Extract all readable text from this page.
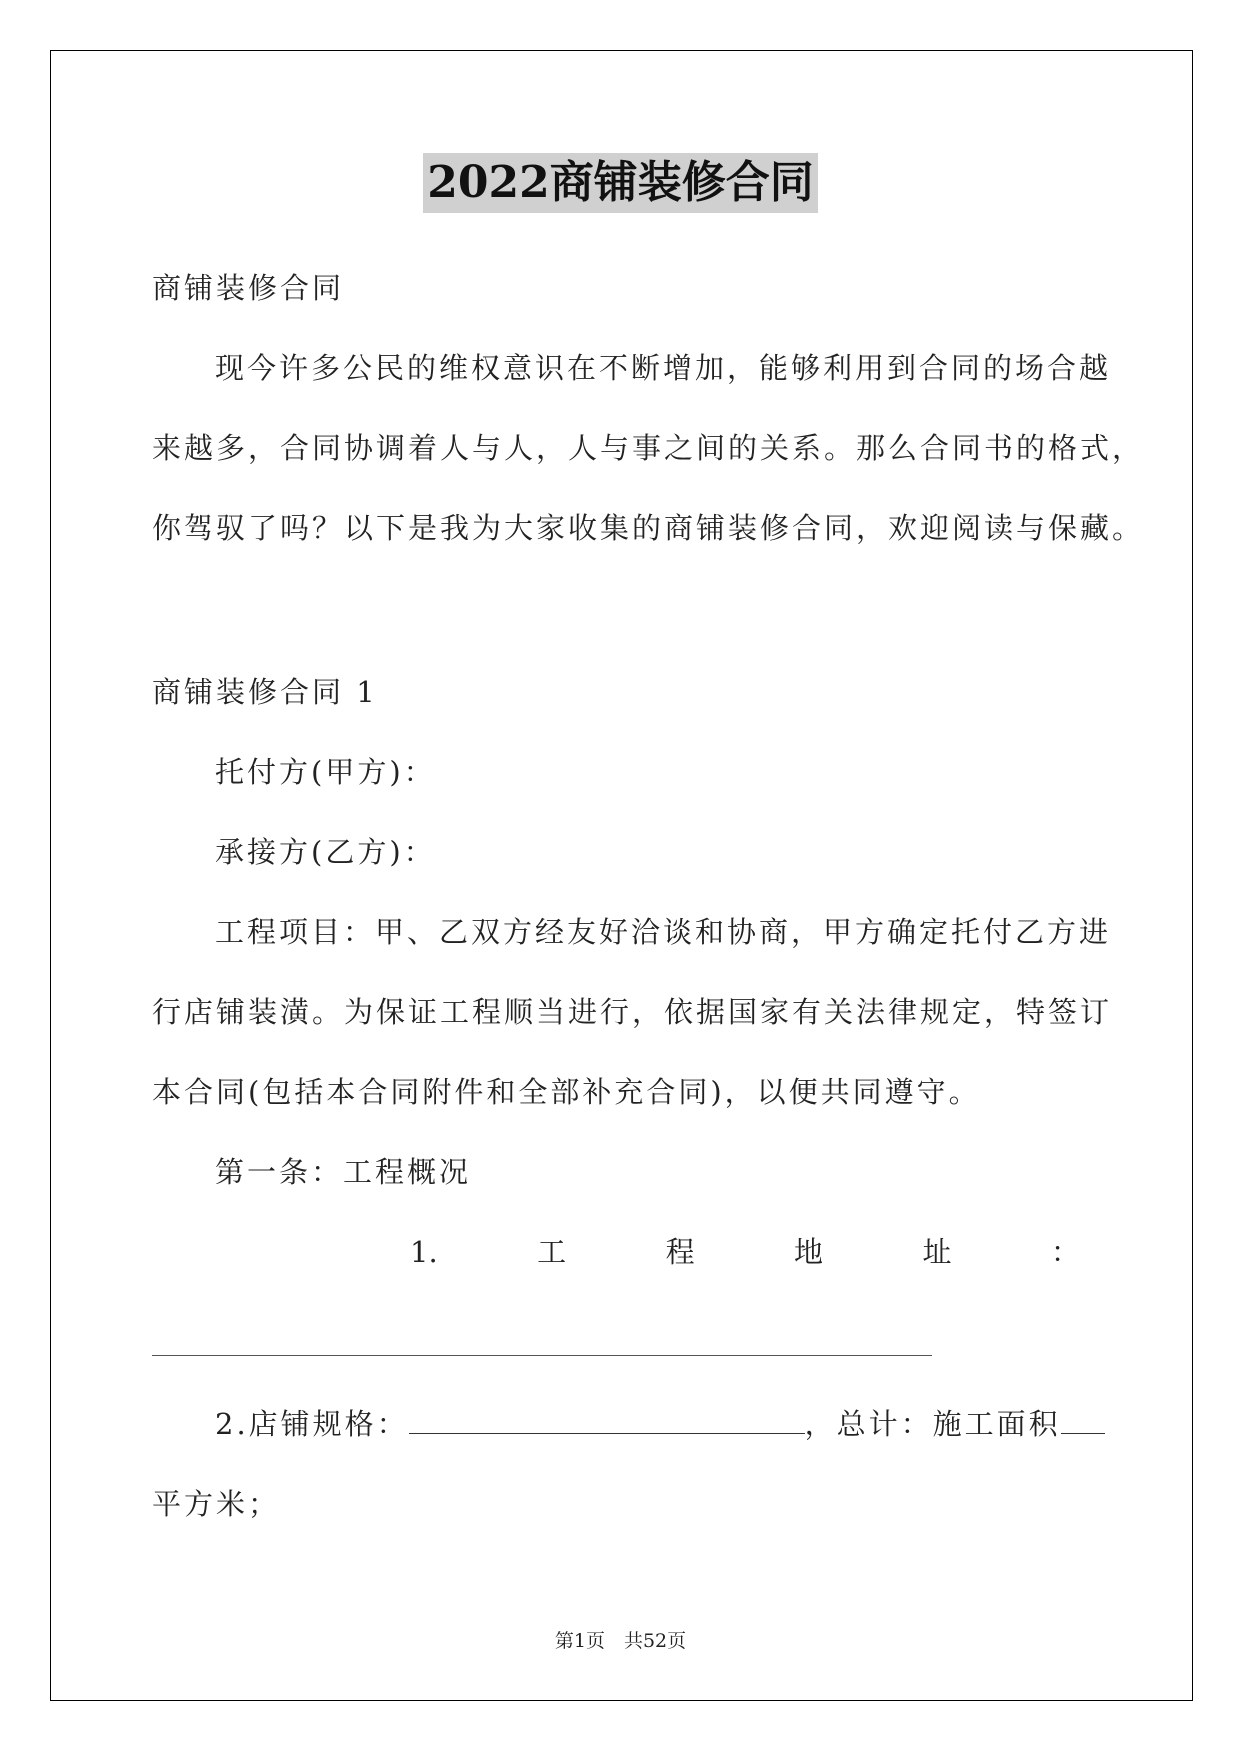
2022商铺装修合同
商铺装修合同
现今许多公民的维权意识在不断增加，能够利用到合同的场合越
来越多，合同协调着人与人，人与事之间的关系。那么合同书的格式，
你驾驭了吗？以下是我为大家收集的商铺装修合同，欢迎阅读与保藏。
商铺装修合同 1
托付方(甲方)：
承接方(乙方)：
工程项目：甲、乙双方经友好洽谈和协商，甲方确定托付乙方进
行店铺装潢。为保证工程顺当进行，依据国家有关法律规定，特签订
本合同(包括本合同附件和全部补充合同)，以便共同遵守。
第一条：工程概况
1.	工	程	地	址	：
2.店铺规格：	，总计：施工面积
平方米；
第1页　共52页
